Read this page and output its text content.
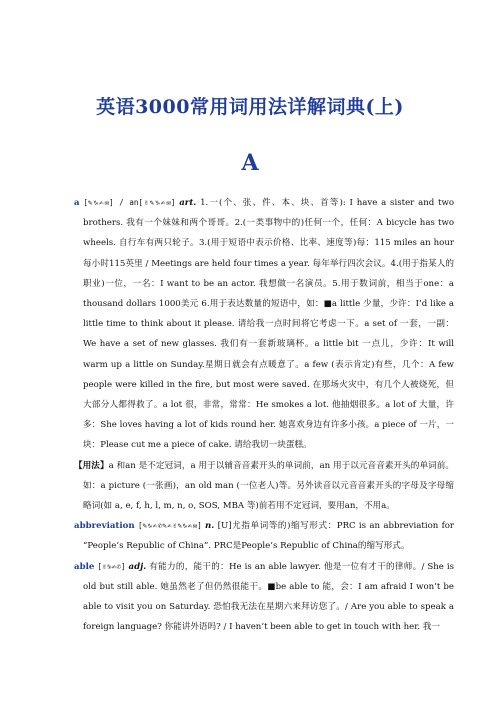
英语3000常用词用法详解词典(上)
A

a [✎♑✍✉] / an[✌✎♑✍✉] art. 1.一(个、张、件、本、块、首等): I have a sister and two brothers. 我有一个妹妹和两个哥哥。2.(一类事物中的)任何一个，任何：A bicycle has two wheels. 自行车有两只轮子。3.(用于短语中表示价格、比率、速度等)每：115 miles an hour 每小时115英里 / Meetings are held four times a year. 每年举行四次会议。4.(用于指某人的职业)一位，一名：I want to be an actor. 我想做一名演员。5.用于数词前，相当于one：a thousand dollars 1000美元 6.用于表达数量的短语中，如：■a little 少量，少许：I’d like a little time to think about it please. 请给我一点时间将它考虑一下。a set of 一套，一副：We have a set of new glasses. 我们有一套新玻璃杯。a little bit 一点儿，少许：It will warm up a little on Sunday.星期日就会有点暖意了。a few (表示肯定)有些，几个：A few people were killed in the fire, but most were saved. 在那场火灾中，有几个人被烧死，但大部分人都得救了。a lot 很，非常，常常：He smokes a lot. 他抽烟很多。a lot of 大量，许多：She loves having a lot of kids round her. 她喜欢身边有许多小孩。a piece of 一片，一块：Please cut me a piece of cake. 请给我切一块蛋糕。

【用法】a 和an 是不定冠词，a 用于以辅音音素开头的单词前，an 用于以元音音素开头的单词前。如：a picture (一张画)，an old man (一位老人)等。另外读音以元音音素开头的字母及字母缩略词(如 a, e, f, h, l, m, n, o, SOS, MBA 等)前若用不定冠词，要用an，不用a。

abbreviation [✎♑✍✆✎✍✌✎♑✍✉] n. [U]尤指单词等的)缩写形式：PRC is an abbreviation for “People’s Republic of China”. PRC是People’s Republic of China的缩写形式。

able [✌♑✍✆] adj. 有能力的，能干的：He is an able lawyer. 他是一位有才干的律师。/ She is old but still able. 她虽然老了但仍然很能干。■be able to 能，会：I am afraid I won’t be able to visit you on Saturday. 恐怕我无法在星期六来拜访您了。/ Are you able to speak a foreign language? 你能讲外语吗? / I haven’t been able to get in touch with her. 我一
